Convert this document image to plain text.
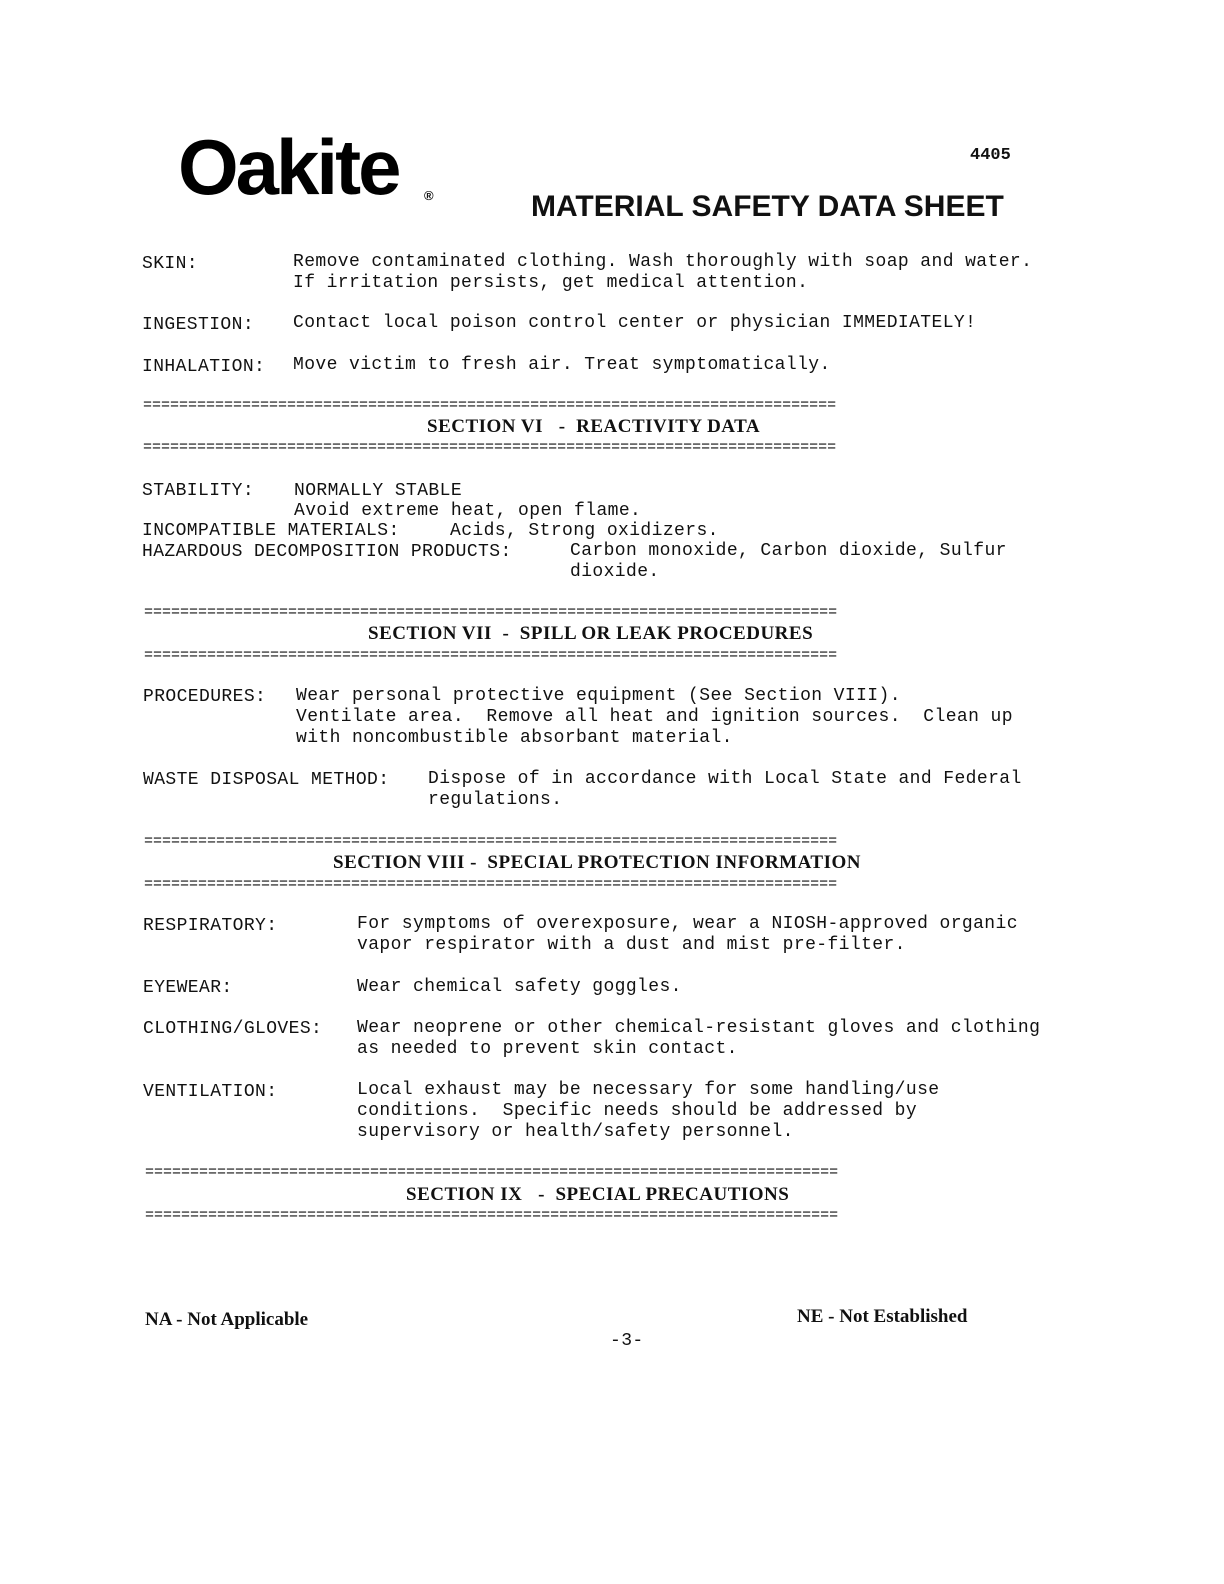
Oakite ®
4405
MATERIAL SAFETY DATA SHEET
SKIN:	Remove contaminated clothing. Wash thoroughly with soap and water.
If irritation persists, get medical attention.
INGESTION: Contact local poison control center or physician IMMEDIATELY!
INHALATION: Move victim to fresh air. Treat symptomatically.
=============================================================================
SECTION VI   -  REACTIVITY DATA
=============================================================================
STABILITY: NORMALLY STABLE
Avoid extreme heat, open flame.
INCOMPATIBLE MATERIALS:	Acids, Strong oxidizers.
HAZARDOUS DECOMPOSITION PRODUCTS:	Carbon monoxide, Carbon dioxide, Sulfur
dioxide.
=============================================================================
SECTION VII  -  SPILL OR LEAK PROCEDURES
=============================================================================
PROCEDURES: Wear personal protective equipment (See Section VIII).
Ventilate area.  Remove all heat and ignition sources.  Clean up
with noncombustible absorbant material.
WASTE DISPOSAL METHOD: Dispose of in accordance with Local State and Federal
regulations.
=============================================================================
SECTION VIII -  SPECIAL PROTECTION INFORMATION
=============================================================================
RESPIRATORY:	For symptoms of overexposure, wear a NIOSH-approved organic
vapor respirator with a dust and mist pre-filter.
EYEWEAR:	Wear chemical safety goggles.
CLOTHING/GLOVES: Wear neoprene or other chemical-resistant gloves and clothing
as needed to prevent skin contact.
VENTILATION:	Local exhaust may be necessary for some handling/use
conditions.  Specific needs should be addressed by
supervisory or health/safety personnel.
=============================================================================
SECTION IX   -  SPECIAL PRECAUTIONS
=============================================================================
NA - Not Applicable	NE - Not Established
-3-
